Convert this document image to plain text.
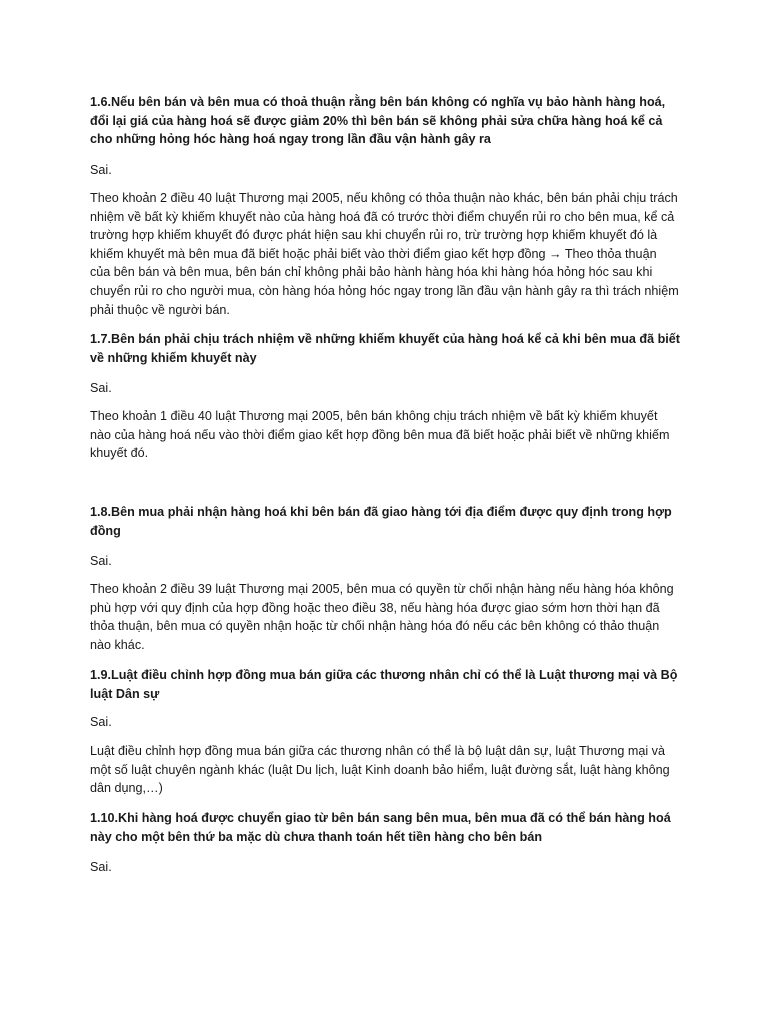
1.6.Nếu bên bán và bên mua có thoả thuận rằng bên bán không có nghĩa vụ bảo hành hàng hoá, đổi lại giá của hàng hoá sẽ được giảm 20% thì bên bán sẽ không phải sửa chữa hàng hoá kể cả cho những hỏng hóc hàng hoá ngay trong lần đầu vận hành gây ra

Sai.

Theo khoản 2 điều 40 luật Thương mại 2005, nếu không có thỏa thuận nào khác, bên bán phải chịu trách nhiệm về bất kỳ khiếm khuyết nào của hàng hoá đã có trước thời điểm chuyển rủi ro cho bên mua, kể cả trường hợp khiếm khuyết đó được phát hiện sau khi chuyển rủi ro, trừ trường hợp khiếm khuyết đó là khiếm khuyết mà bên mua đã biết hoặc phải biết vào thời điểm giao kết hợp đồng → Theo thỏa thuận của bên bán và bên mua, bên bán chỉ không phải bảo hành hàng hóa khi hàng hóa hỏng hóc sau khi chuyển rủi ro cho người mua, còn hàng hóa hỏng hóc ngay trong lần đầu vận hành gây ra thì trách nhiệm phải thuộc về người bán.

1.7.Bên bán phải chịu trách nhiệm về những khiếm khuyết của hàng hoá kể cả khi bên mua đã biết về những khiếm khuyết này

Sai.

Theo khoản 1 điều 40 luật Thương mại 2005, bên bán không chịu trách nhiệm về bất kỳ khiếm khuyết nào của hàng hoá nếu vào thời điểm giao kết hợp đồng bên mua đã biết hoặc phải biết về những khiếm khuyết đó.

1.8.Bên mua phải nhận hàng hoá khi bên bán đã giao hàng tới địa điểm được quy định trong hợp đồng

Sai.

Theo khoản 2 điều 39 luật Thương mại 2005, bên mua có quyền từ chối nhận hàng nếu hàng hóa không phù hợp với quy định của hợp đồng hoặc theo điều 38, nếu hàng hóa được giao sớm hơn thời hạn đã thỏa thuận, bên mua có quyền nhận hoặc từ chối nhận hàng hóa đó nếu các bên không có thảo thuận nào khác.

1.9.Luật điều chỉnh hợp đồng mua bán giữa các thương nhân chỉ có thể là Luật thương mại và Bộ luật Dân sự

Sai.

Luật điều chỉnh hợp đồng mua bán giữa các thương nhân có thể là bộ luật dân sự, luật Thương mại và một số luật chuyên ngành khác (luật Du lịch, luật Kinh doanh bảo hiểm, luật đường sắt, luật hàng không dân dụng,…)

1.10.Khi hàng hoá được chuyển giao từ bên bán sang bên mua, bên mua đã có thể bán hàng hoá này cho một bên thứ ba mặc dù chưa thanh toán hết tiền hàng cho bên bán

Sai.
